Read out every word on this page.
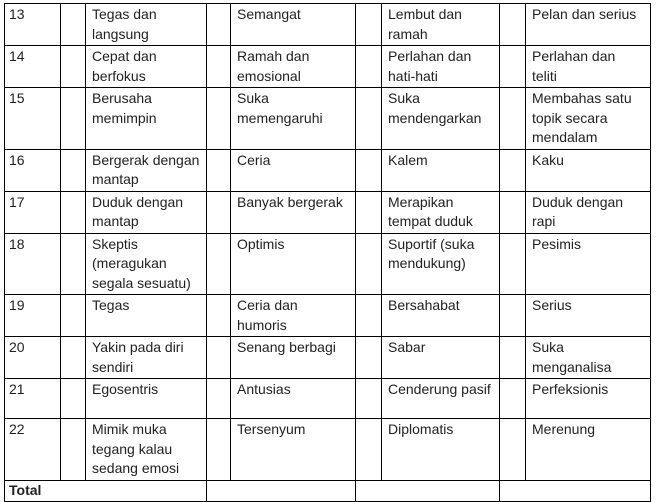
13		Tegas dan langsung		Semangat		Lembut dan ramah		Pelan dan serius
14		Cepat dan berfokus		Ramah dan emosional		Perlahan dan hati-hati		Perlahan dan teliti
15		Berusaha memimpin		Suka memengaruhi		Suka mendengarkan		Membahas satu topik secara mendalam
16		Bergerak dengan mantap		Ceria		Kalem		Kaku
17		Duduk dengan mantap		Banyak bergerak		Merapikan tempat duduk		Duduk dengan rapi
18		Skeptis (meragukan segala sesuatu)		Optimis		Suportif (suka mendukung)		Pesimis
19		Tegas		Ceria dan humoris		Bersahabat		Serius
20		Yakin pada diri sendiri		Senang berbagi		Sabar		Suka menganalisa
21		Egosentris		Antusias		Cenderung pasif		Perfeksionis
22		Mimik muka tegang kalau sedang emosi		Tersenyum		Diplomatis		Merenung
Total								
